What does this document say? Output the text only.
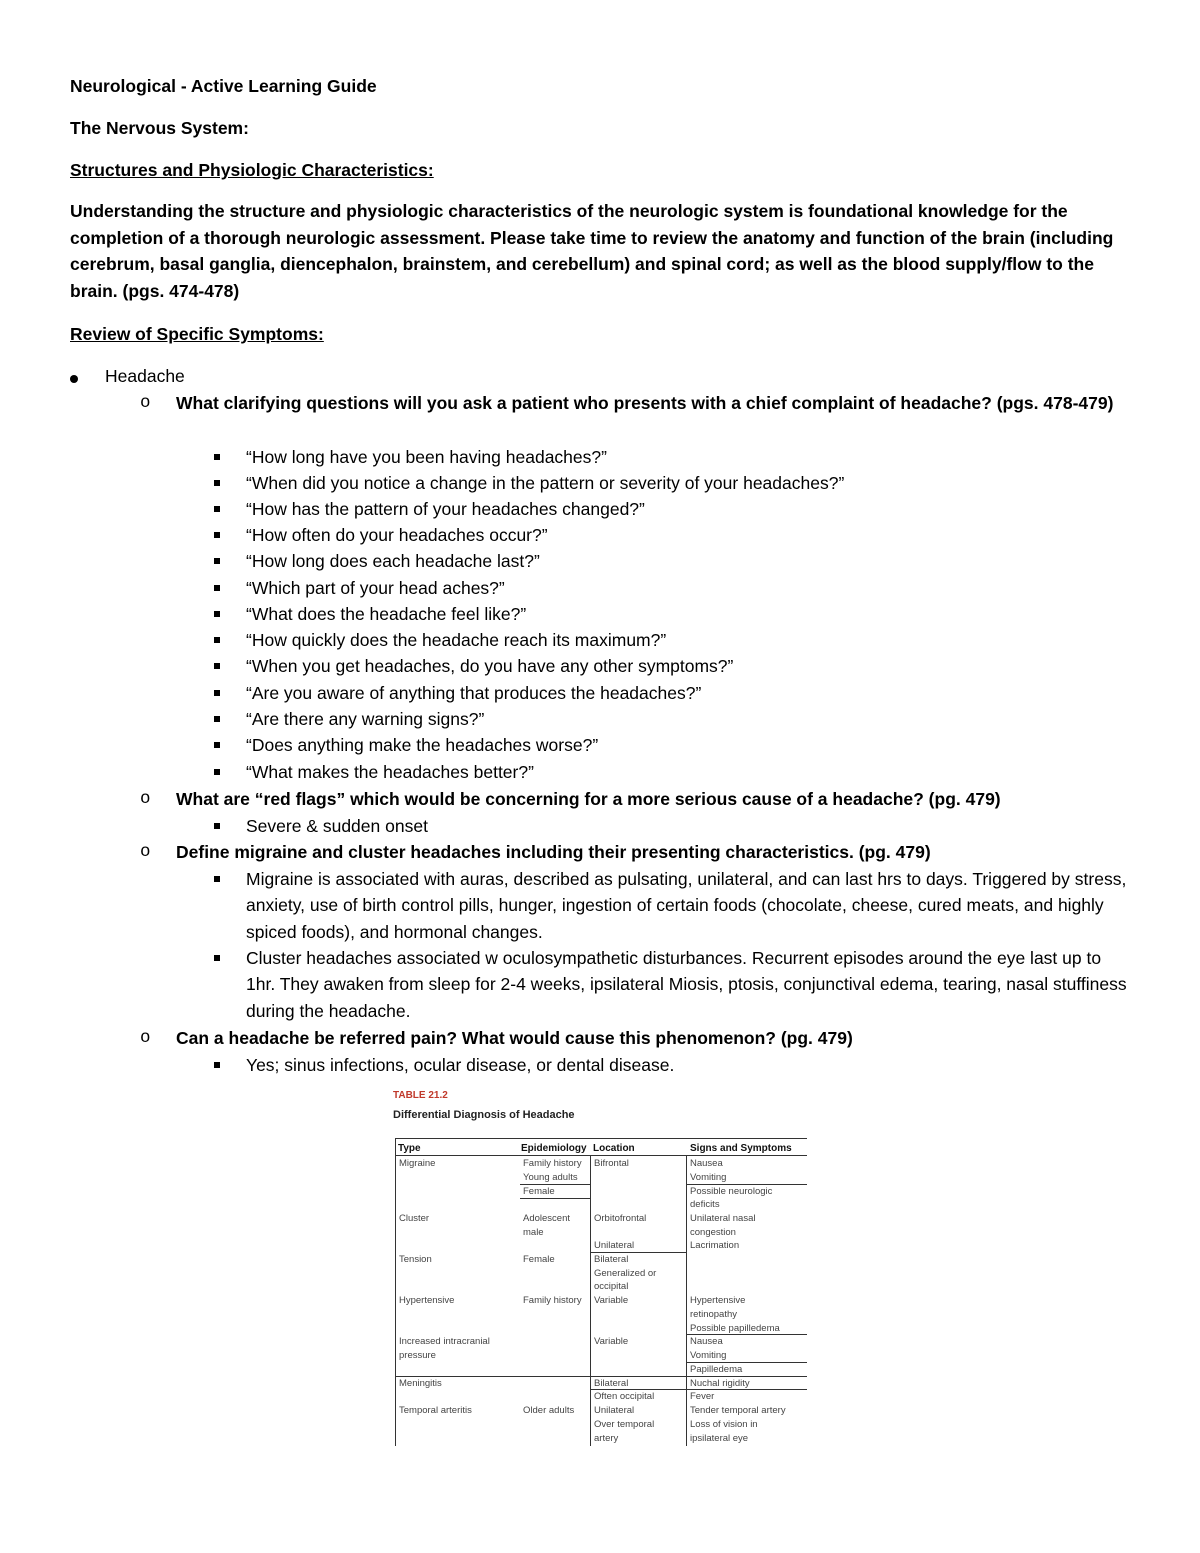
Neurological - Active Learning Guide

The Nervous System:

Structures and Physiologic Characteristics:

Understanding the structure and physiologic characteristics of the neurologic system is foundational knowledge for the completion of a thorough neurologic assessment. Please take time to review the anatomy and function of the brain (including cerebrum, basal ganglia, diencephalon, brainstem, and cerebellum) and spinal cord; as well as the blood supply/flow to the brain. (pgs. 474-478)

Review of Specific Symptoms:

Headache
o What clarifying questions will you ask a patient who presents with a chief complaint of headache? (pgs. 478-479)
“How long have you been having headaches?”
“When did you notice a change in the pattern or severity of your headaches?”
“How has the pattern of your headaches changed?”
“How often do your headaches occur?”
“How long does each headache last?”
“Which part of your head aches?”
“What does the headache feel like?”
“How quickly does the headache reach its maximum?”
“When you get headaches, do you have any other symptoms?”
“Are you aware of anything that produces the headaches?”
“Are there any warning signs?”
“Does anything make the headaches worse?”
“What makes the headaches better?”
o What are “red flags” which would be concerning for a more serious cause of a headache? (pg. 479)
Severe & sudden onset
o Define migraine and cluster headaches including their presenting characteristics. (pg. 479)
Migraine is associated with auras, described as pulsating, unilateral, and can last hrs to days. Triggered by stress, anxiety, use of birth control pills, hunger, ingestion of certain foods (chocolate, cheese, cured meats, and highly spiced foods), and hormonal changes.
Cluster headaches associated w oculosympathetic disturbances. Recurrent episodes around the eye last up to 1hr. They awaken from sleep for 2-4 weeks, ipsilateral Miosis, ptosis, conjunctival edema, tearing, nasal stuffiness during the headache.
o Can a headache be referred pain? What would cause this phenomenon? (pg. 479)
Yes; sinus infections, ocular disease, or dental disease.
TABLE 21.2
Differential Diagnosis of Headache
Type	Epidemiology Location	Signs and Symptoms
Migraine
Cluster
Tension
Hypertensive
Increased intracranial
pressure
Meningitis
Temporal arteritis
Family history
Young adults
Female
Adolescent
male
Female
Family history
Older adults
Bifrontal
Orbitofrontal
Unilateral
Bilateral
Generalized or
occipital
Variable
Variable
Bilateral
Often occipital
Unilateral
Over temporal
artery
Nausea
Vomiting
Possible neurologic
deficits
Unilateral nasal
congestion
Lacrimation
Hypertensive
retinopathy
Possible papilledema
Nausea
Vomiting
Papilledema
Nuchal rigidity
Fever
Tender temporal artery
Loss of vision in
ipsilateral eye
